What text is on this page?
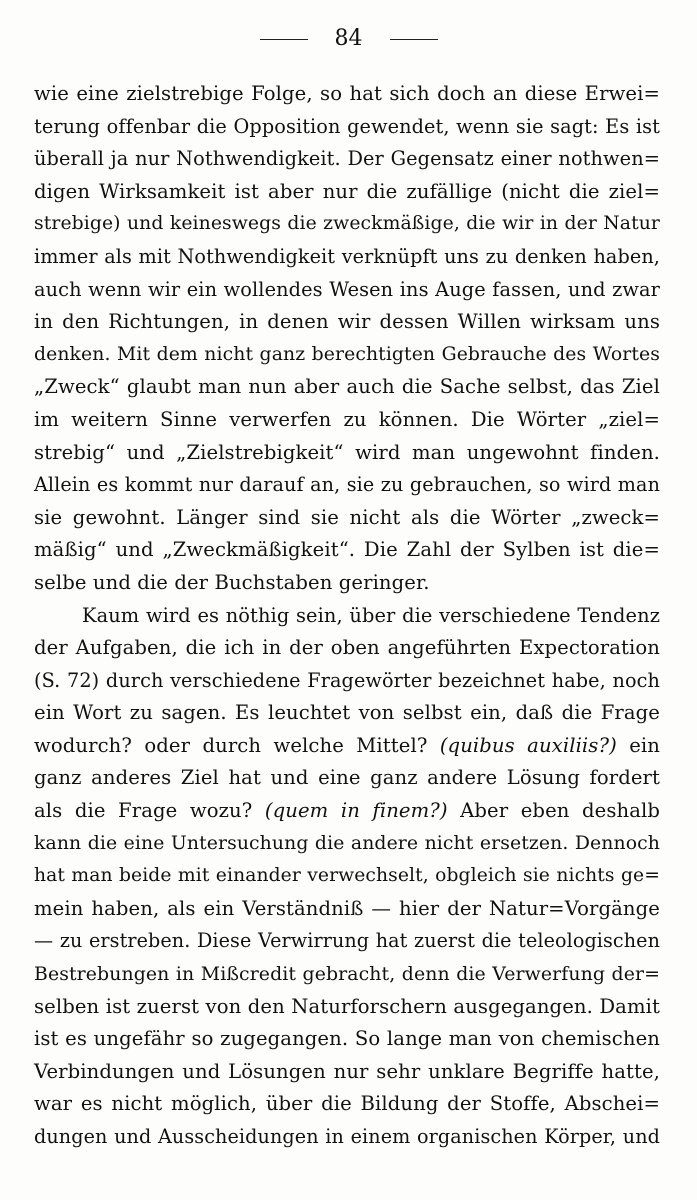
84
wie eine zielstrebige Folge, so hat sich doch an diese Erwei=
terung offenbar die Opposition gewendet, wenn sie sagt: Es ist
überall ja nur Nothwendigkeit. Der Gegensatz einer nothwen=
digen Wirksamkeit ist aber nur die zufällige (nicht die ziel=
strebige) und keineswegs die zweckmäßige, die wir in der Natur
immer als mit Nothwendigkeit verknüpft uns zu denken haben,
auch wenn wir ein wollendes Wesen ins Auge fassen, und zwar
in den Richtungen, in denen wir dessen Willen wirksam uns
denken. Mit dem nicht ganz berechtigten Gebrauche des Wortes
„Zweck“ glaubt man nun aber auch die Sache selbst, das Ziel
im weitern Sinne verwerfen zu können. Die Wörter „ziel=
strebig“ und „Zielstrebigkeit“ wird man ungewohnt finden.
Allein es kommt nur darauf an, sie zu gebrauchen, so wird man
sie gewohnt. Länger sind sie nicht als die Wörter „zweck=
mäßig“ und „Zweckmäßigkeit“. Die Zahl der Sylben ist die=
selbe und die der Buchstaben geringer.
Kaum wird es nöthig sein, über die verschiedene Tendenz
der Aufgaben, die ich in der oben angeführten Expectoration
(S. 72) durch verschiedene Fragewörter bezeichnet habe, noch
ein Wort zu sagen. Es leuchtet von selbst ein, daß die Frage
wodurch? oder durch welche Mittel? (quibus auxiliis?) ein
ganz anderes Ziel hat und eine ganz andere Lösung fordert
als die Frage wozu? (quem in finem?) Aber eben deshalb
kann die eine Untersuchung die andere nicht ersetzen. Dennoch
hat man beide mit einander verwechselt, obgleich sie nichts ge=
mein haben, als ein Verständniß — hier der Natur=Vorgänge
— zu erstreben. Diese Verwirrung hat zuerst die teleologischen
Bestrebungen in Mißcredit gebracht, denn die Verwerfung der=
selben ist zuerst von den Naturforschern ausgegangen. Damit
ist es ungefähr so zugegangen. So lange man von chemischen
Verbindungen und Lösungen nur sehr unklare Begriffe hatte,
war es nicht möglich, über die Bildung der Stoffe, Abschei=
dungen und Ausscheidungen in einem organischen Körper, und
